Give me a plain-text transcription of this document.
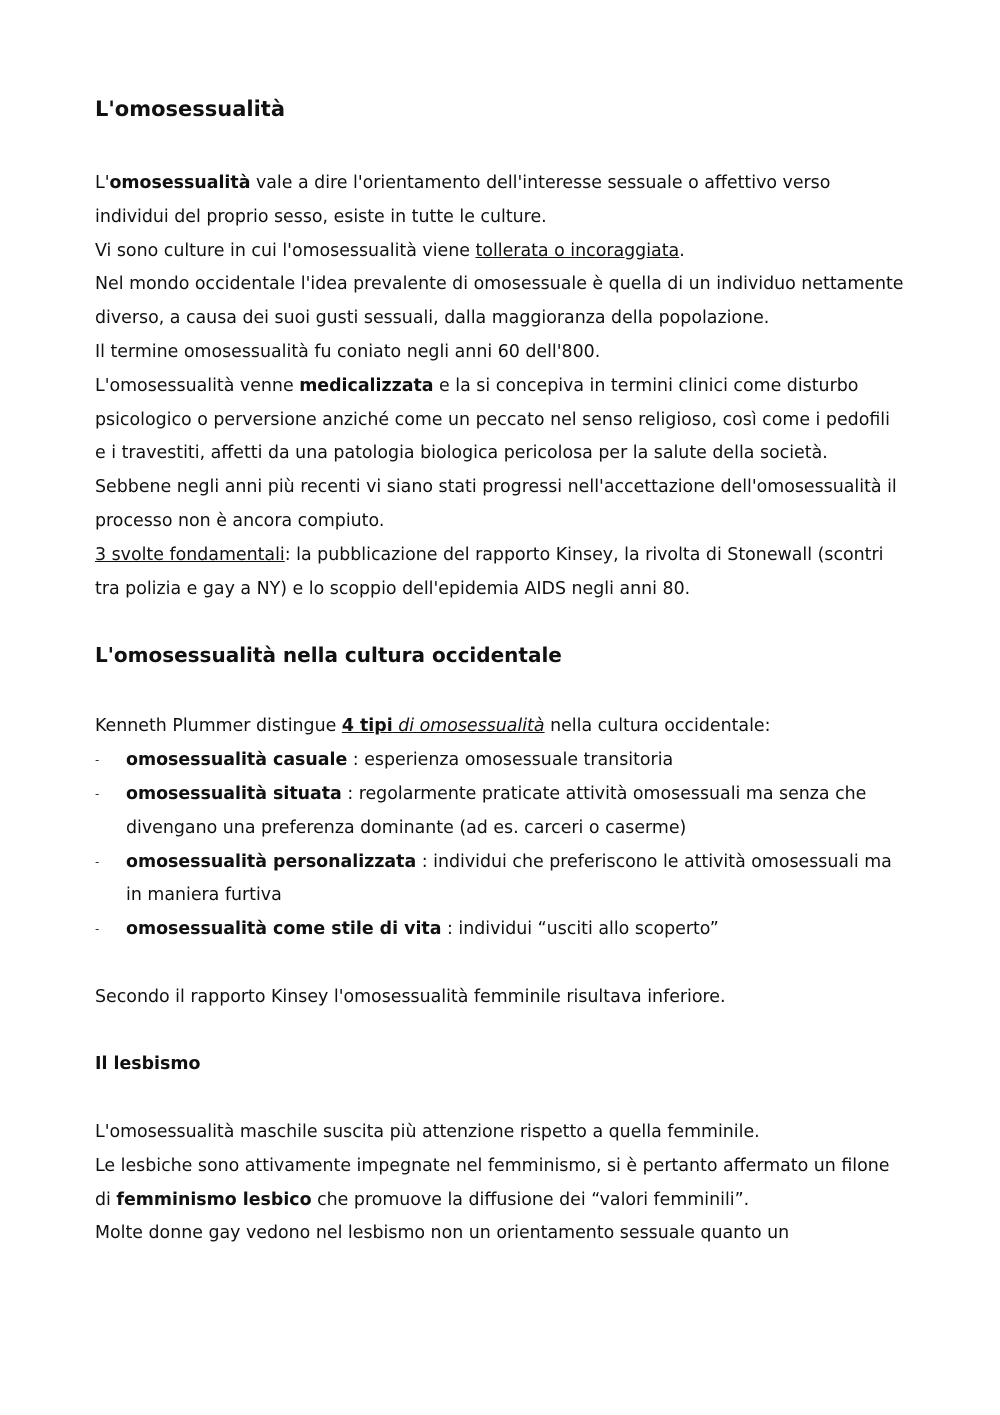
L'omosessualità

L'omosessualità vale a dire l'orientamento dell'interesse sessuale o affettivo verso individui del proprio sesso, esiste in tutte le culture.

Vi sono culture in cui l'omosessualità viene tollerata o incoraggiata.

Nel mondo occidentale l'idea prevalente di omosessuale è quella di un individuo nettamente diverso, a causa dei suoi gusti sessuali, dalla maggioranza della popolazione.

Il termine omosessualità fu coniato negli anni 60 dell'800.

L'omosessualità venne medicalizzata e la si concepiva in termini clinici come disturbo psicologico o perversione anziché come un peccato nel senso religioso, così come i pedofili e i travestiti, affetti da una patologia biologica pericolosa per la salute della società.

Sebbene negli anni più recenti vi siano stati progressi nell'accettazione dell'omosessualità il processo non è ancora compiuto.

3 svolte fondamentali: la pubblicazione del rapporto Kinsey, la rivolta di Stonewall (scontri tra polizia e gay a NY) e lo scoppio dell'epidemia AIDS negli anni 80.

L'omosessualità nella cultura occidentale

Kenneth Plummer distingue 4 tipi di omosessualità nella cultura occidentale:

- omosessualità casuale : esperienza omosessuale transitoria
- omosessualità situata : regolarmente praticate attività omosessuali ma senza che divengano una preferenza dominante (ad es. carceri o caserme)
- omosessualità personalizzata : individui che preferiscono le attività omosessuali ma in maniera furtiva
- omosessualità come stile di vita : individui “usciti allo scoperto”

Secondo il rapporto Kinsey l'omosessualità femminile risultava inferiore.

Il lesbismo

L'omosessualità maschile suscita più attenzione rispetto a quella femminile.

Le lesbiche sono attivamente impegnate nel femminismo, si è pertanto affermato un filone di femminismo lesbico che promuove la diffusione dei “valori femminili”.

Molte donne gay vedono nel lesbismo non un orientamento sessuale quanto un
